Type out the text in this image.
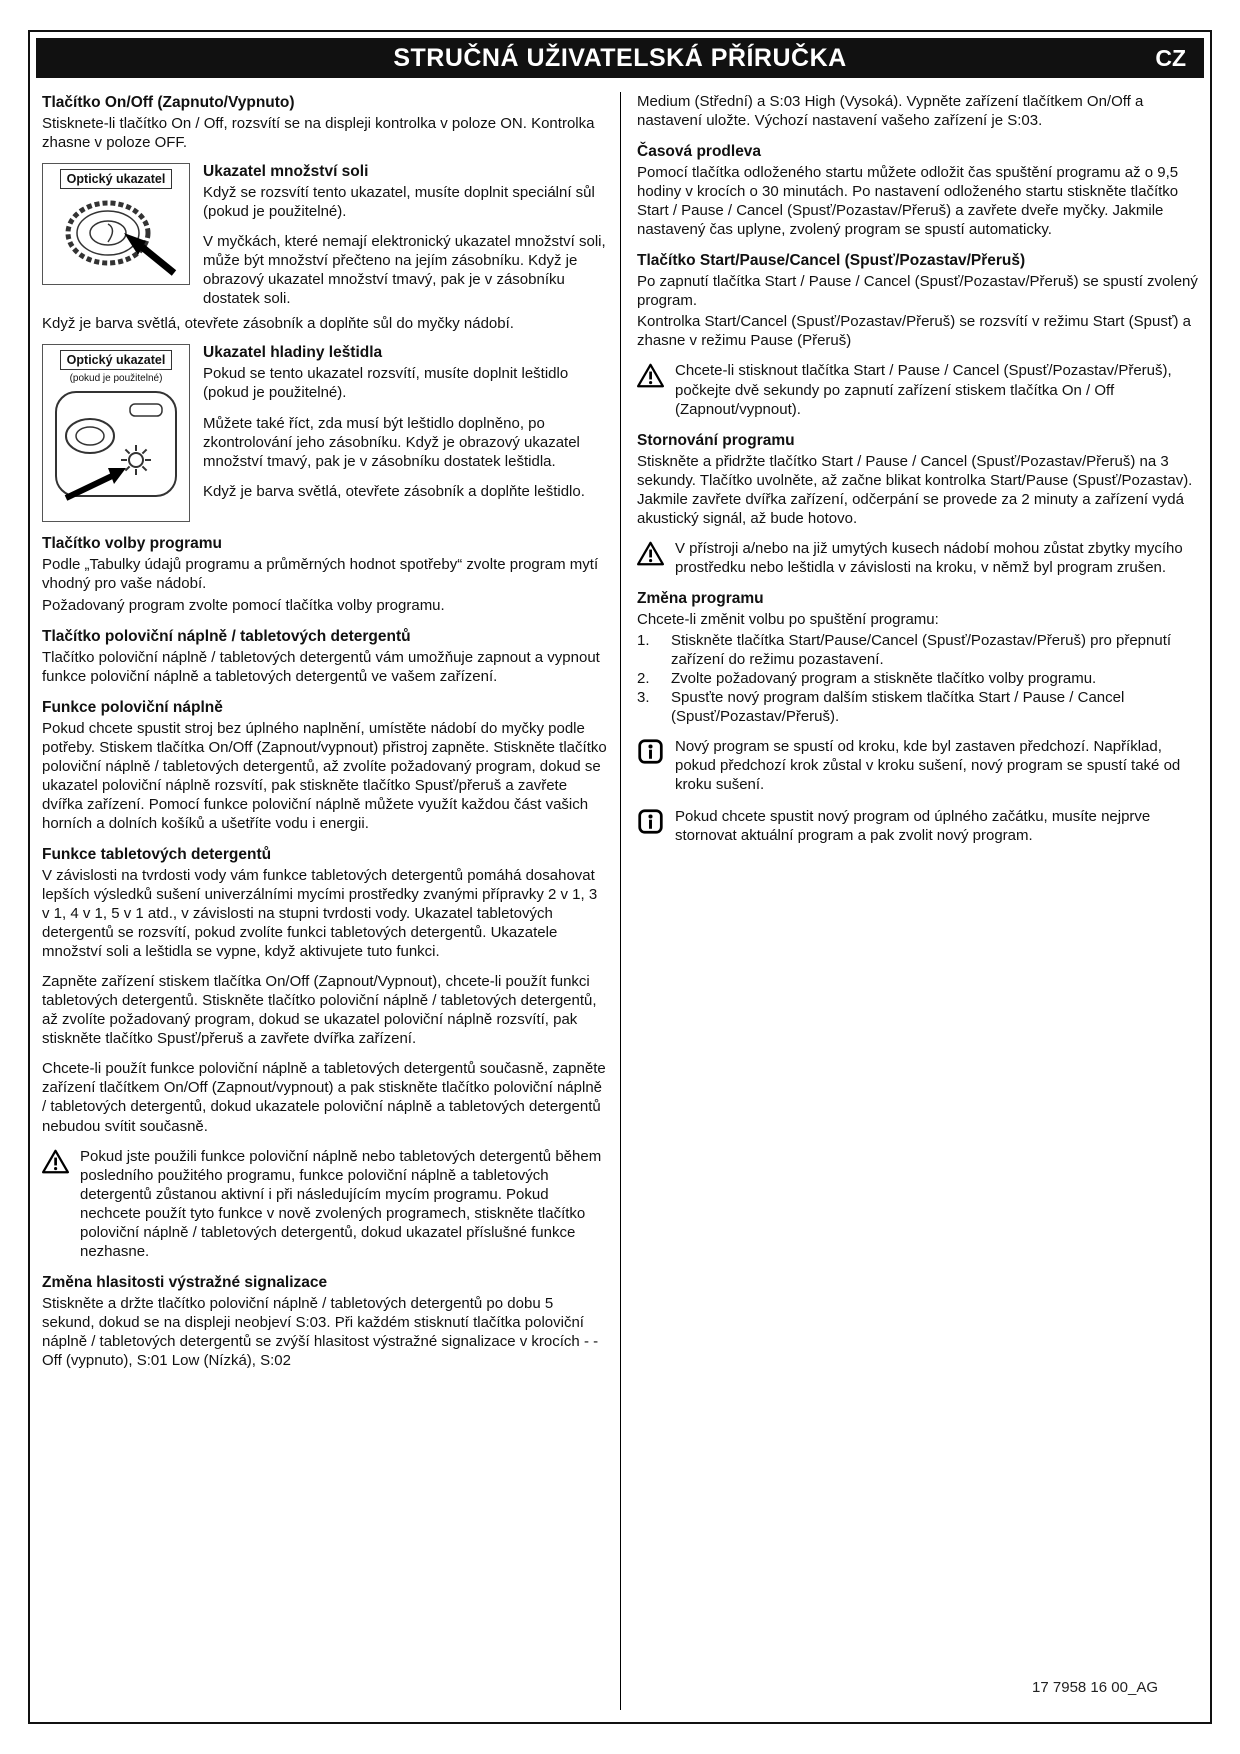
STRUČNÁ UŽIVATELSKÁ PŘÍRUČKA	CZ
Tlačítko On/Off (Zapnuto/Vypnuto)

Stisknete-li tlačítko On / Off, rozsvítí se na displeji kontrolka v poloze ON. Kontrolka zhasne v poloze OFF.

Optický ukazatel	Ukazatel množství soli

Když se rozsvítí tento ukazatel, musíte doplnit speciální sůl (pokud je použitelné).

V myčkách, které nemají elektronický ukazatel množství soli, může být množství přečteno na jejím zásobníku. Když je obrazový ukazatel množství tmavý, pak je v zásobníku dostatek soli.

Když je barva světlá, otevřete zásobník a doplňte sůl do myčky nádobí.

Optický ukazatel
(pokud je použitelné)
Ukazatel hladiny leštidla

Pokud se tento ukazatel rozsvítí, musíte doplnit leštidlo (pokud je použitelné).

Můžete také říct, zda musí být leštidlo doplněno, po zkontrolování jeho zásobníku. Když je obrazový ukazatel množství tmavý, pak je v zásobníku dostatek leštidla.

Když je barva světlá, otevřete zásobník a doplňte leštidlo.

Tlačítko volby programu

Podle „Tabulky údajů programu a průměrných hodnot spotřeby“ zvolte program mytí vhodný pro vaše nádobí.

Požadovaný program zvolte pomocí tlačítka volby programu.

Tlačítko poloviční náplně / tabletových detergentů

Tlačítko poloviční náplně / tabletových detergentů vám umožňuje zapnout a vypnout funkce poloviční náplně a tabletových detergentů ve vašem zařízení.

Funkce poloviční náplně

Pokud chcete spustit stroj bez úplného naplnění, umístěte nádobí do myčky podle potřeby. Stiskem tlačítka On/Off (Zapnout/vypnout) přistroj zapněte. Stiskněte tlačítko poloviční náplně / tabletových detergentů, až zvolíte požadovaný program, dokud se ukazatel poloviční náplně rozsvítí, pak stiskněte tlačítko Spusť/přeruš a zavřete dvířka zařízení. Pomocí funkce poloviční náplně můžete využít každou část vašich horních a dolních košíků a ušetříte vodu i energii.

Funkce tabletových detergentů

V závislosti na tvrdosti vody vám funkce tabletových detergentů pomáhá dosahovat lepších výsledků sušení univerzálními mycími prostředky zvanými přípravky 2 v 1, 3 v 1, 4 v 1, 5 v 1 atd., v závislosti na stupni tvrdosti vody. Ukazatel tabletových detergentů se rozsvítí, pokud zvolíte funkci tabletových detergentů. Ukazatele množství soli a leštidla se vypne, když aktivujete tuto funkci.

Zapněte zařízení stiskem tlačítka On/Off (Zapnout/Vypnout), chcete-li použít funkci tabletových detergentů. Stiskněte tlačítko poloviční náplně / tabletových detergentů, až zvolíte požadovaný program, dokud se ukazatel poloviční náplně rozsvítí, pak stiskněte tlačítko Spusť/přeruš a zavřete dvířka zařízení.

Chcete-li použít funkce poloviční náplně a tabletových detergentů současně, zapněte zařízení tlačítkem On/Off (Zapnout/vypnout) a pak stiskněte tlačítko poloviční náplně / tabletových detergentů, dokud ukazatele poloviční náplně a tabletových detergentů nebudou svítit současně.

Pokud jste použili funkce poloviční náplně nebo tabletových detergentů během posledního použitého programu, funkce poloviční náplně a tabletových detergentů zůstanou aktivní i při následujícím mycím programu. Pokud nechcete použít tyto funkce v nově zvolených programech, stiskněte tlačítko poloviční náplně / tabletových detergentů, dokud ukazatel příslušné funkce nezhasne.

Změna hlasitosti výstražné signalizace

Stiskněte a držte tlačítko poloviční náplně / tabletových detergentů po dobu 5 sekund, dokud se na displeji neobjeví S:03. Při každém stisknutí tlačítka poloviční náplně / tabletových detergentů se zvýší hlasitost výstražné signalizace v krocích - - Off (vypnuto), S:01 Low (Nízká), S:02

Medium (Střední) a S:03 High (Vysoká). Vypněte zařízení tlačítkem On/Off a nastavení uložte. Výchozí nastavení vašeho zařízení je S:03.

Časová prodleva

Pomocí tlačítka odloženého startu můžete odložit čas spuštění programu až o 9,5 hodiny v krocích o 30 minutách. Po nastavení odloženého startu stiskněte tlačítko Start / Pause / Cancel (Spusť/Pozastav/Přeruš) a zavřete dveře myčky. Jakmile nastavený čas uplyne, zvolený program se spustí automaticky.

Tlačítko Start/Pause/Cancel (Spusť/Pozastav/Přeruš)

Po zapnutí tlačítka Start / Pause / Cancel (Spusť/Pozastav/Přeruš) se spustí zvolený program.

Kontrolka Start/Cancel (Spusť/Pozastav/Přeruš) se rozsvítí v režimu Start (Spusť) a zhasne v režimu Pause (Přeruš)

Chcete-li stisknout tlačítka Start / Pause / Cancel (Spusť/Pozastav/Přeruš), počkejte dvě sekundy po zapnutí zařízení stiskem tlačítka On / Off (Zapnout/vypnout).

Stornování programu

Stiskněte a přidržte tlačítko Start / Pause / Cancel (Spusť/Pozastav/Přeruš) na 3 sekundy. Tlačítko uvolněte, až začne blikat kontrolka Start/Pause (Spusť/Pozastav). Jakmile zavřete dvířka zařízení, odčerpání se provede za 2 minuty a zařízení vydá akustický signál, až bude hotovo.

V přístroji a/nebo na již umytých kusech nádobí mohou zůstat zbytky mycího prostředku nebo leštidla v závislosti na kroku, v němž byl program zrušen.

Změna programu

Chcete-li změnit volbu po spuštění programu:

1.	Stiskněte tlačítka Start/Pause/Cancel (Spusť/Pozastav/Přeruš) pro přepnutí zařízení do režimu pozastavení.
2.	Zvolte požadovaný program a stiskněte tlačítko volby programu.
3.	Spusťte nový program dalším stiskem tlačítka Start / Pause / Cancel (Spusť/Pozastav/Přeruš).

Nový program se spustí od kroku, kde byl zastaven předchozí. Například, pokud předchozí krok zůstal v kroku sušení, nový program se spustí také od kroku sušení.

Pokud chcete spustit nový program od úplného začátku, musíte nejprve stornovat aktuální program a pak zvolit nový program.

17 7958 16 00_AG
